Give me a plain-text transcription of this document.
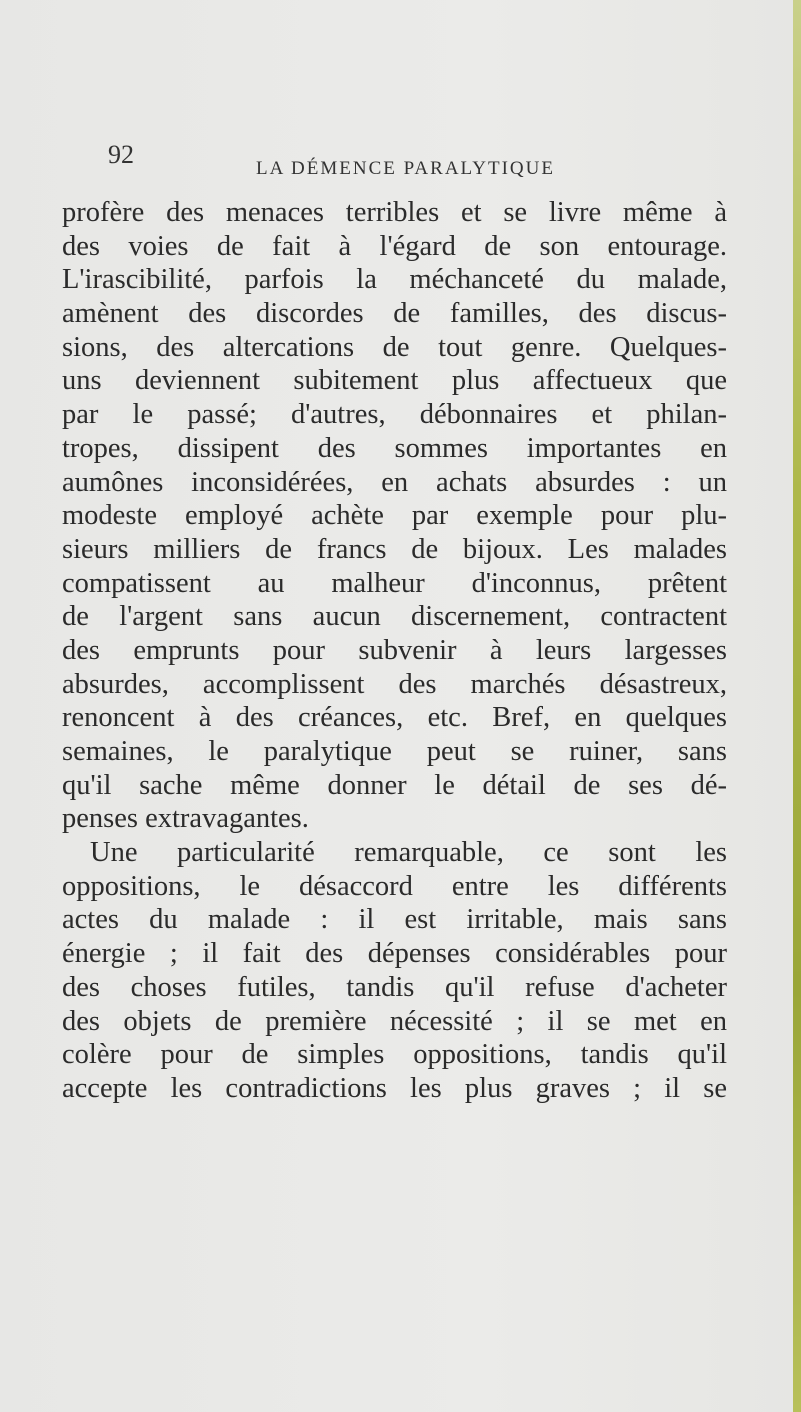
92	LA DÉMENCE PARALYTIQUE
profère des menaces terribles et se livre même à
des voies de fait à l'égard de son entourage.
L'irascibilité, parfois la méchanceté du malade,
amènent des discordes de familles, des discus-
sions, des altercations de tout genre. Quelques-
uns deviennent subitement plus affectueux que
par le passé; d'autres, débonnaires et philan-
tropes, dissipent des sommes importantes en
aumônes inconsidérées, en achats absurdes : un
modeste employé achète par exemple pour plu-
sieurs milliers de francs de bijoux. Les malades
compatissent au malheur d'inconnus, prêtent
de l'argent sans aucun discernement, contractent
des emprunts pour subvenir à leurs largesses
absurdes, accomplissent des marchés désastreux,
renoncent à des créances, etc. Bref, en quelques
semaines, le paralytique peut se ruiner, sans
qu'il sache même donner le détail de ses dé-
penses extravagantes.
Une particularité remarquable, ce sont les
oppositions, le désaccord entre les différents
actes du malade : il est irritable, mais sans
énergie ; il fait des dépenses considérables pour
des choses futiles, tandis qu'il refuse d'acheter
des objets de première nécessité ; il se met en
colère pour de simples oppositions, tandis qu'il
accepte les contradictions les plus graves ; il se
